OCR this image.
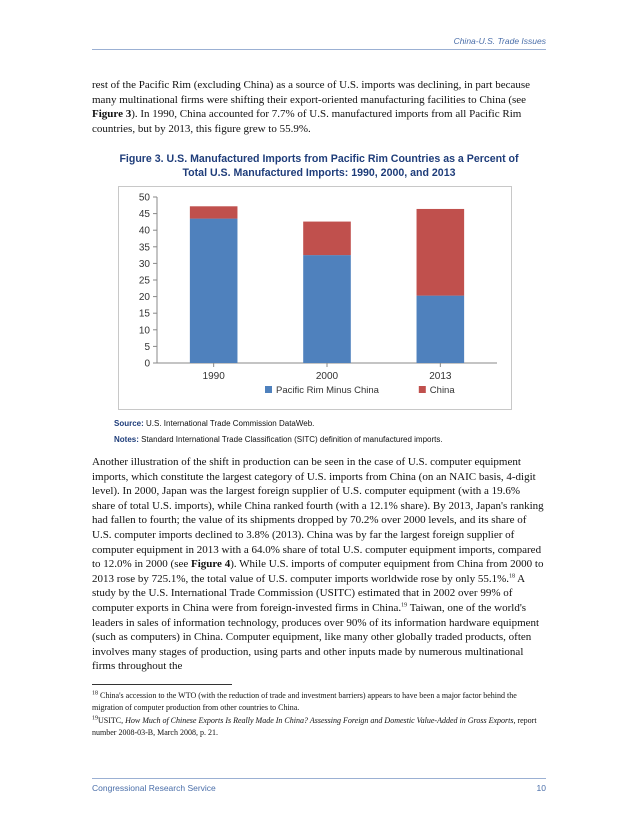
China-U.S. Trade Issues
rest of the Pacific Rim (excluding China) as a source of U.S. imports was declining, in part because many multinational firms were shifting their export-oriented manufacturing facilities to China (see Figure 3). In 1990, China accounted for 7.7% of U.S. manufactured imports from all Pacific Rim countries, but by 2013, this figure grew to 55.9%.
Figure 3. U.S. Manufactured Imports from Pacific Rim Countries as a Percent of
Total U.S. Manufactured Imports: 1990, 2000, and 2013
0
5
10
15
20
25
30
35
40
45
50
1990	2000	2013
Pacific Rim Minus China	China
Source: U.S. International Trade Commission DataWeb.
Notes: Standard International Trade Classification (SITC) definition of manufactured imports.
Another illustration of the shift in production can be seen in the case of U.S. computer equipment imports, which constitute the largest category of U.S. imports from China (on an NAIC basis, 4-digit level). In 2000, Japan was the largest foreign supplier of U.S. computer equipment (with a 19.6% share of total U.S. imports), while China ranked fourth (with a 12.1% share). By 2013, Japan's ranking had fallen to fourth; the value of its shipments dropped by 70.2% over 2000 levels, and its share of U.S. computer imports declined to 3.8% (2013). China was by far the largest foreign supplier of computer equipment in 2013 with a 64.0% share of total U.S. computer equipment imports, compared to 12.0% in 2000 (see Figure 4). While U.S. imports of computer equipment from China from 2000 to 2013 rose by 725.1%, the total value of U.S. computer imports worldwide rose by only 55.1%.$^{18}$ A study by the U.S. International Trade Commission (USITC) estimated that in 2002 over 99% of computer exports in China were from foreign-invested firms in China.$^{19}$ Taiwan, one of the world's leaders in sales of information technology, produces over 90% of its information hardware equipment (such as computers) in China. Computer equipment, like many other globally traded products, often involves many stages of production, using parts and other inputs made by numerous multinational firms throughout the

$^{18}$ China's accession to the WTO (with the reduction of trade and investment barriers) appears to have been a major factor behind the migration of computer production from other countries to China.

$^{19}$USITC, How Much of Chinese Exports Is Really Made In China? Assessing Foreign and Domestic Value-Added in Gross Exports, report number 2008-03-B, March 2008, p. 21.

Congressional Research Service	10
